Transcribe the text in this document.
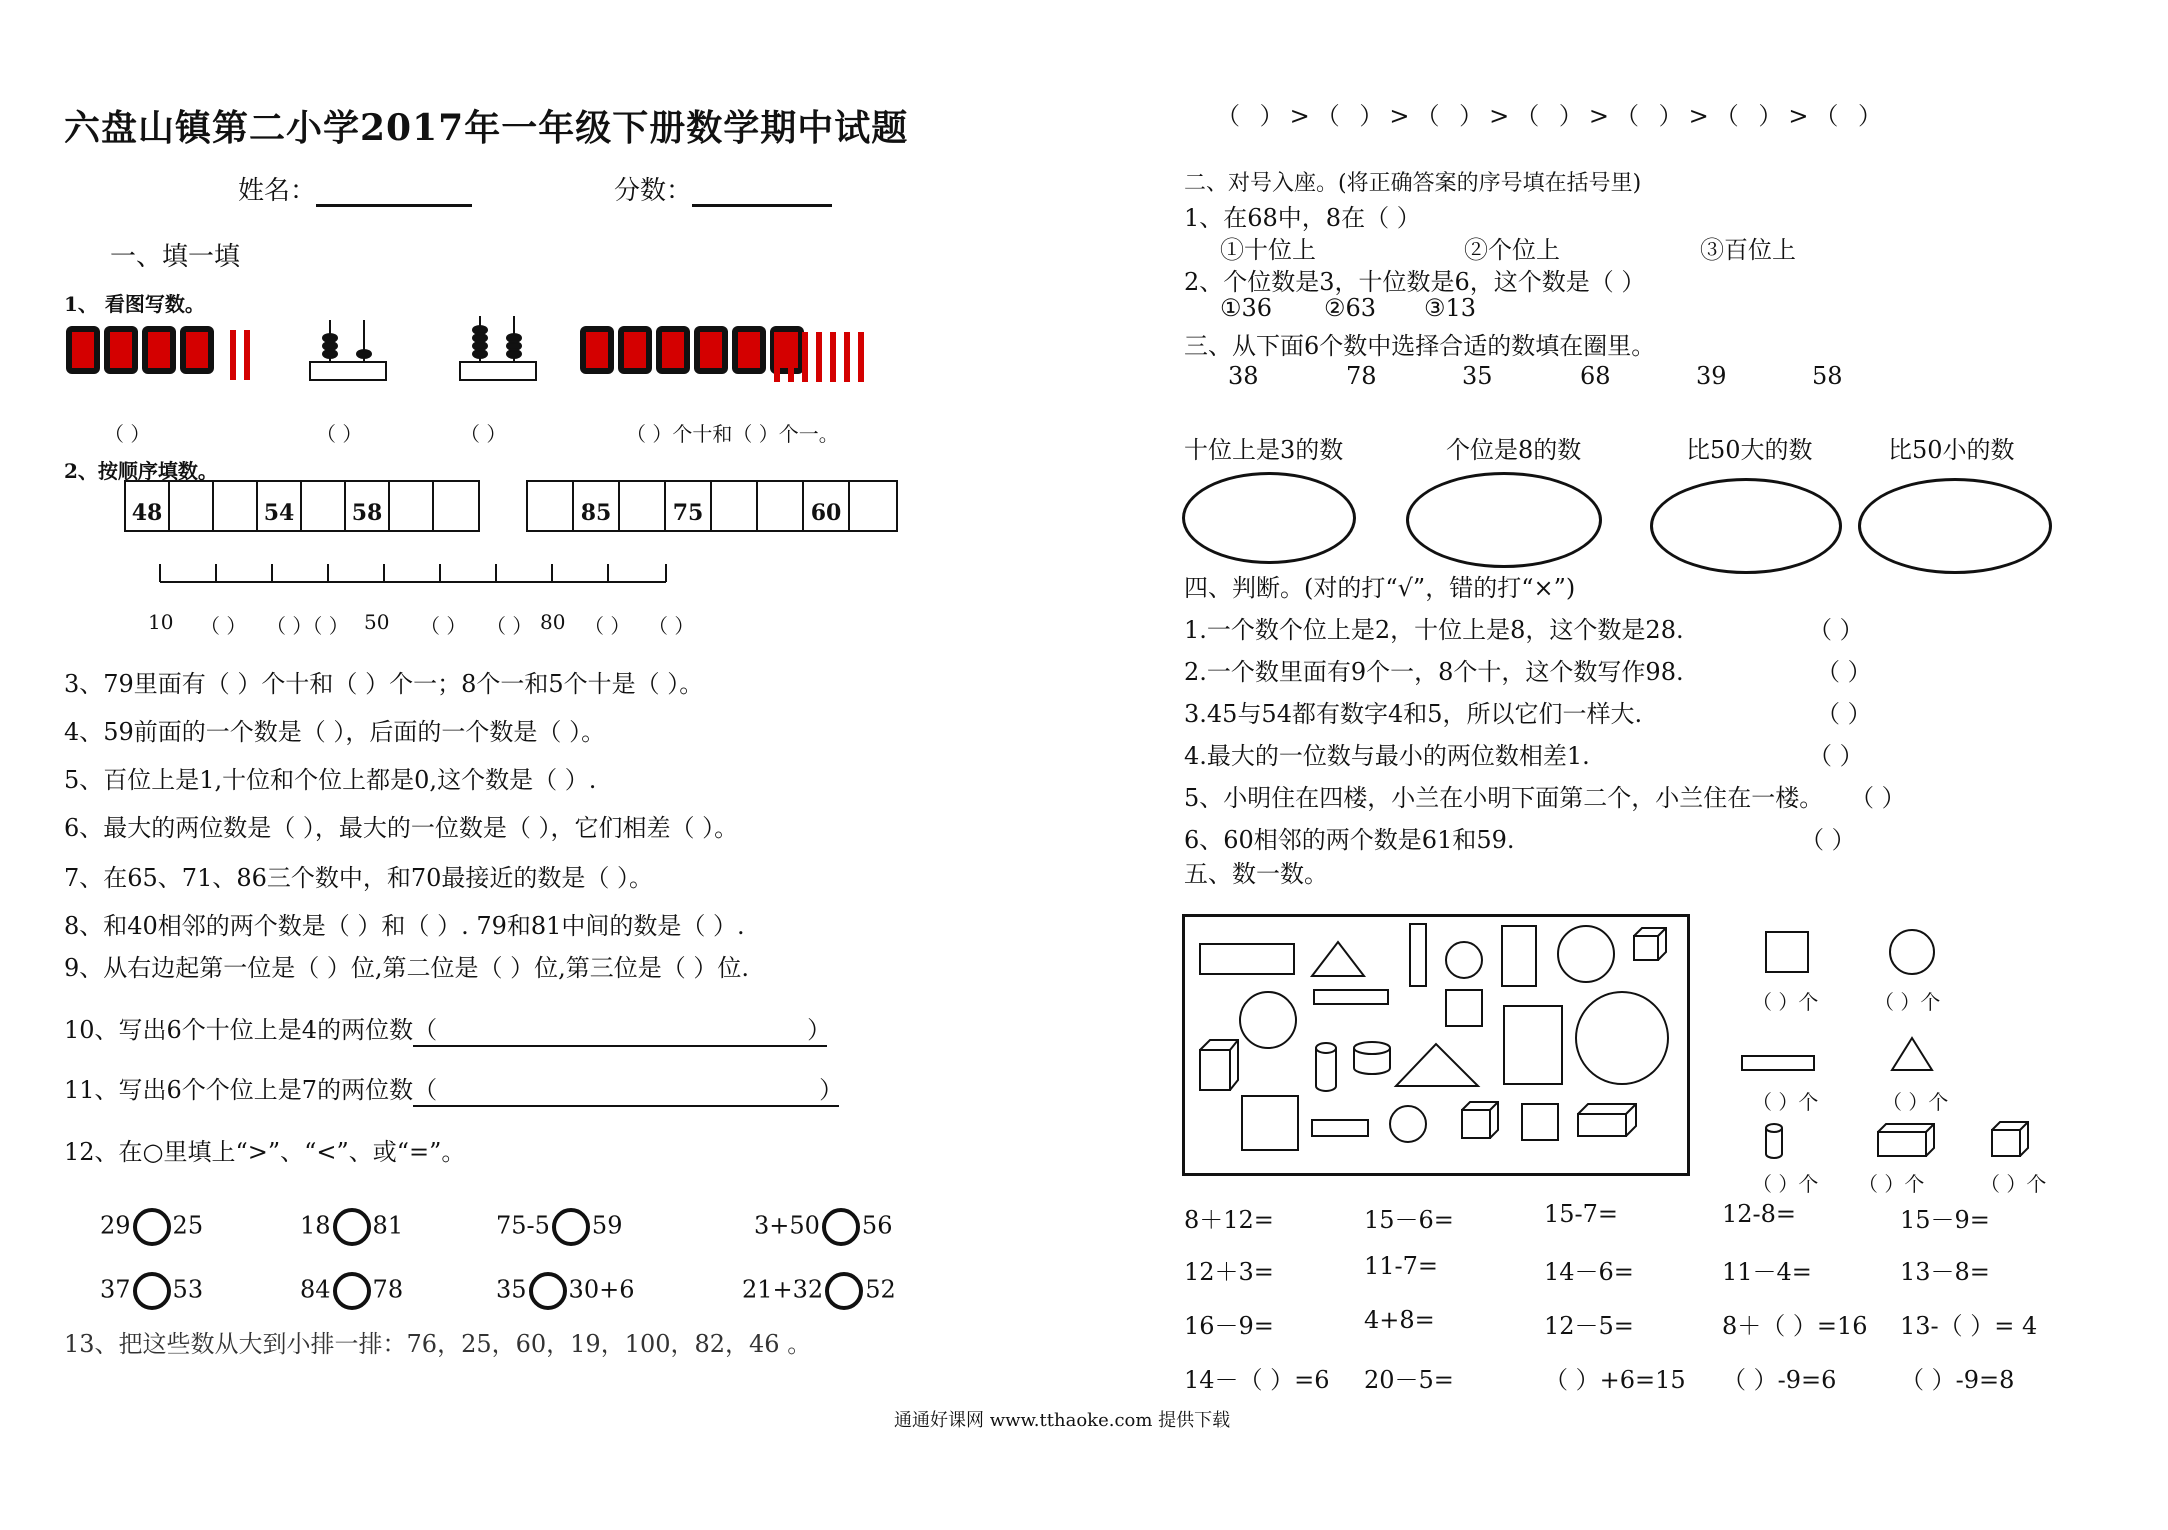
六盘山镇第二小学2017年一年级下册数学期中试题
姓名：	分数：
一、填一填
1、 看图写数。
（ ）	（ ）	（ ）	（ ）个十和（ ）个一。
2、按顺序填数。
48	54	58	85	75	60
10 （ ） （ ）（ ） 50 （ ） （ ） 80 （ ） （ ）
3、79里面有（ ）个十和（ ）个一；8个一和5个十是（ ）。
4、59前面的一个数是（ ），后面的一个数是（ ）。
5、百位上是1,十位和个位上都是0,这个数是（ ）.
6、最大的两位数是（ ），最大的一位数是（ ），它们相差（ ）。
7、在65、71、86三个数中，和70最接近的数是（ ）。
8、和40相邻的两个数是（ ）和（ ）. 79和81中间的数是（ ）.
9、从右边起第一位是（ ）位,第二位是（ ）位,第三位是（ ）位.
10、写出6个十位上是4的两位数（	）
11、写出6个个位上是7的两位数（	）
12、在○里填上“>”、“<”、或“=”。
29 25	18 81	75-5 59	3+50 56
37 53	84 78	35 30+6	21+32 52
13、把这些数从大到小排一排：76，25，60，19，100，82，46 。
（ ）>（ ）>（ ）>（ ）>（ ）>（ ）>（ ）
二、对号入座。(将正确答案的序号填在括号里)
1、在68中，8在（ ）
①十位上	②个位上	③百位上
2、个位数是3，十位数是6，这个数是（ ）
①36 ②63 ③13
三、从下面6个数中选择合适的数填在圈里。
38	78	35	68	39	58
十位上是3的数	个位是8的数	比50大的数	比50小的数
四、判断。(对的打“√”，错的打“×”)
1.一个数个位上是2，十位上是8，这个数是28.	（ ）
2.一个数里面有9个一，8个十，这个数写作98.	（ ）
3.45与54都有数字4和5，所以它们一样大.	（ ）
4.最大的一位数与最小的两位数相差1.	（ ）
5、小明住在四楼，小兰在小明下面第二个，小兰住在一楼。 （ ）
6、60相邻的两个数是61和59.	（ ）
五、数一数。
（ ）个	（ ）个
（ ）个	（ ）个
（ ）个 （ ）个	（ ）个
8＋12=	15－6=	15-7=	12-8=	15－9=
12＋3=	11-7=	14－6=	11－4=	13－8=
16－9=	4+8=	12－5=	8＋（ ）=16 13-（ ）= 4
14－（ ）=6 20－5=	（ ）+6=15 （ ）-9=6	（ ）-9=8
通通好课网 www.tthaoke.com 提供下载
